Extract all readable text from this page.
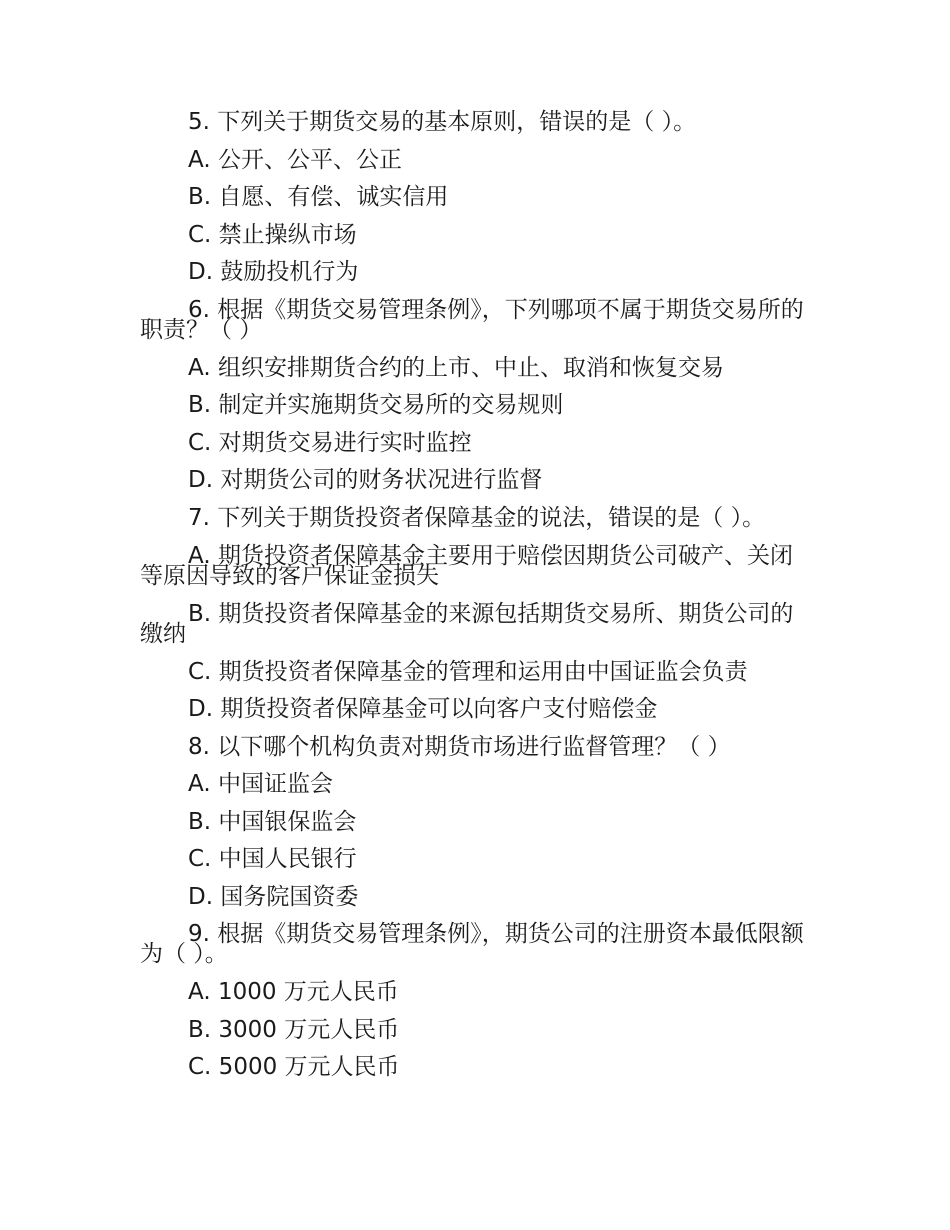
5. 下列关于期货交易的基本原则，错误的是（ ）。

A. 公开、公平、公正

B. 自愿、有偿、诚实信用

C. 禁止操纵市场

D. 鼓励投机行为

6. 根据《期货交易管理条例》，下列哪项不属于期货交易所的职责？（ ）

A. 组织安排期货合约的上市、中止、取消和恢复交易

B. 制定并实施期货交易所的交易规则

C. 对期货交易进行实时监控

D. 对期货公司的财务状况进行监督

7. 下列关于期货投资者保障基金的说法，错误的是（ ）。

A. 期货投资者保障基金主要用于赔偿因期货公司破产、关闭等原因导致的客户保证金损失

B. 期货投资者保障基金的来源包括期货交易所、期货公司的缴纳

C. 期货投资者保障基金的管理和运用由中国证监会负责

D. 期货投资者保障基金可以向客户支付赔偿金

8. 以下哪个机构负责对期货市场进行监督管理？（ ）

A. 中国证监会

B. 中国银保监会

C. 中国人民银行

D. 国务院国资委

9. 根据《期货交易管理条例》，期货公司的注册资本最低限额为（ ）。

A. 1000 万元人民币

B. 3000 万元人民币

C. 5000 万元人民币
